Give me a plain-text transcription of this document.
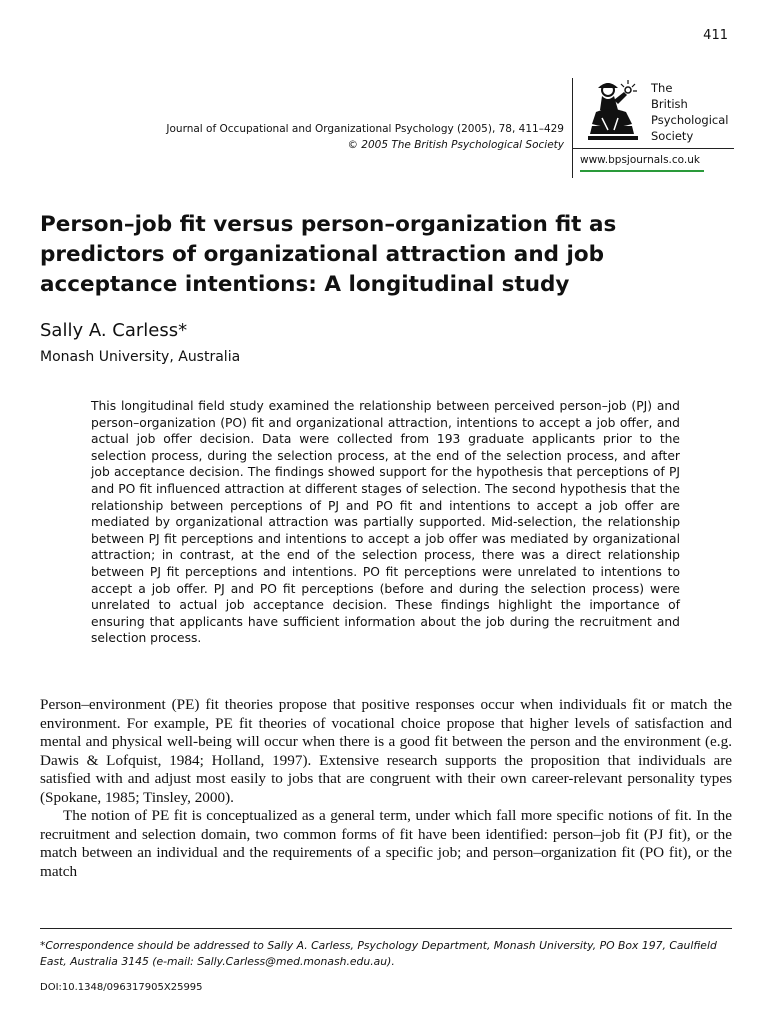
411
Journal of Occupational and Organizational Psychology (2005), 78, 411–429
© 2005 The British Psychological Society
The
British
Psychological
Society
www.bpsjournals.co.uk
Person–job fit versus person–organization fit as predictors of organizational attraction and job acceptance intentions: A longitudinal study
Sally A. Carless*
Monash University, Australia

This longitudinal field study examined the relationship between perceived person–job (PJ) and person–organization (PO) fit and organizational attraction, intentions to accept a job offer, and actual job offer decision. Data were collected from 193 graduate applicants prior to the selection process, during the selection process, at the end of the selection process, and after job acceptance decision. The findings showed support for the hypothesis that perceptions of PJ and PO fit influenced attraction at different stages of selection. The second hypothesis that the relationship between perceptions of PJ and PO fit and intentions to accept a job offer are mediated by organizational attraction was partially supported. Mid-selection, the relationship between PJ fit perceptions and intentions to accept a job offer was mediated by organizational attraction; in contrast, at the end of the selection process, there was a direct relationship between PJ fit perceptions and intentions. PO fit perceptions were unrelated to intentions to accept a job offer. PJ and PO fit perceptions (before and during the selection process) were unrelated to actual job acceptance decision. These findings highlight the importance of ensuring that applicants have sufficient information about the job during the recruitment and selection process.

Person–environment (PE) fit theories propose that positive responses occur when individuals fit or match the environment. For example, PE fit theories of vocational choice propose that higher levels of satisfaction and mental and physical well-being will occur when there is a good fit between the person and the environment (e.g. Dawis & Lofquist, 1984; Holland, 1997). Extensive research supports the proposition that individuals are satisfied with and adjust most easily to jobs that are congruent with their own career-relevant personality types (Spokane, 1985; Tinsley, 2000).

The notion of PE fit is conceptualized as a general term, under which fall more specific notions of fit. In the recruitment and selection domain, two common forms of fit have been identified: person–job fit (PJ fit), or the match between an individual and the requirements of a specific job; and person–organization fit (PO fit), or the match

*Correspondence should be addressed to Sally A. Carless, Psychology Department, Monash University, PO Box 197, Caulfield East, Australia 3145 (e-mail: Sally.Carless@med.monash.edu.au).

DOI:10.1348/096317905X25995
